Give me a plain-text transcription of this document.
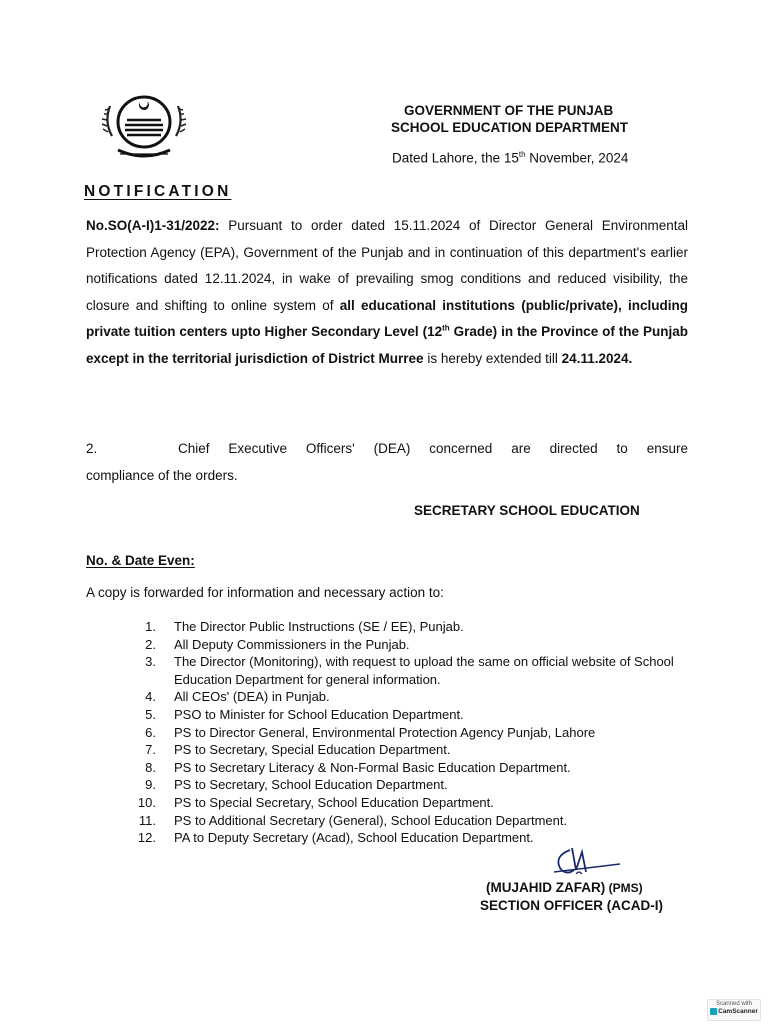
GOVERNMENT OF THE PUNJAB
SCHOOL EDUCATION DEPARTMENT
Dated Lahore, the 15th November, 2024
NOTIFICATION
No.SO(A-I)1-31/2022: Pursuant to order dated 15.11.2024 of Director General Environmental Protection Agency (EPA), Government of the Punjab and in continuation of this department's earlier notifications dated 12.11.2024, in wake of prevailing smog conditions and reduced visibility, the closure and shifting to online system of all educational institutions (public/private), including private tuition centers upto Higher Secondary Level (12th Grade) in the Province of the Punjab except in the territorial jurisdiction of District Murree is hereby extended till 24.11.2024.
2.	Chief Executive Officers' (DEA) concerned are directed to ensure
compliance of the orders.
SECRETARY SCHOOL EDUCATION
No. & Date Even:
A copy is forwarded for information and necessary action to:
1.	The Director Public Instructions (SE / EE), Punjab.
2.	All Deputy Commissioners in the Punjab.
3.	The Director (Monitoring), with request to upload the same on official website of School Education Department for general information.
4.	All CEOs' (DEA) in Punjab.
5.	PSO to Minister for School Education Department.
6.	PS to Director General, Environmental Protection Agency Punjab, Lahore
7.	PS to Secretary, Special Education Department.
8.	PS to Secretary Literacy & Non-Formal Basic Education Department.
9.	PS to Secretary, School Education Department.
10.	PS to Special Secretary, School Education Department.
11.	PS to Additional Secretary (General), School Education Department.
12.	PA to Deputy Secretary (Acad), School Education Department.
(MUJAHID ZAFAR) (PMS)
SECTION OFFICER (ACAD-I)
Scanned with
CamScanner
